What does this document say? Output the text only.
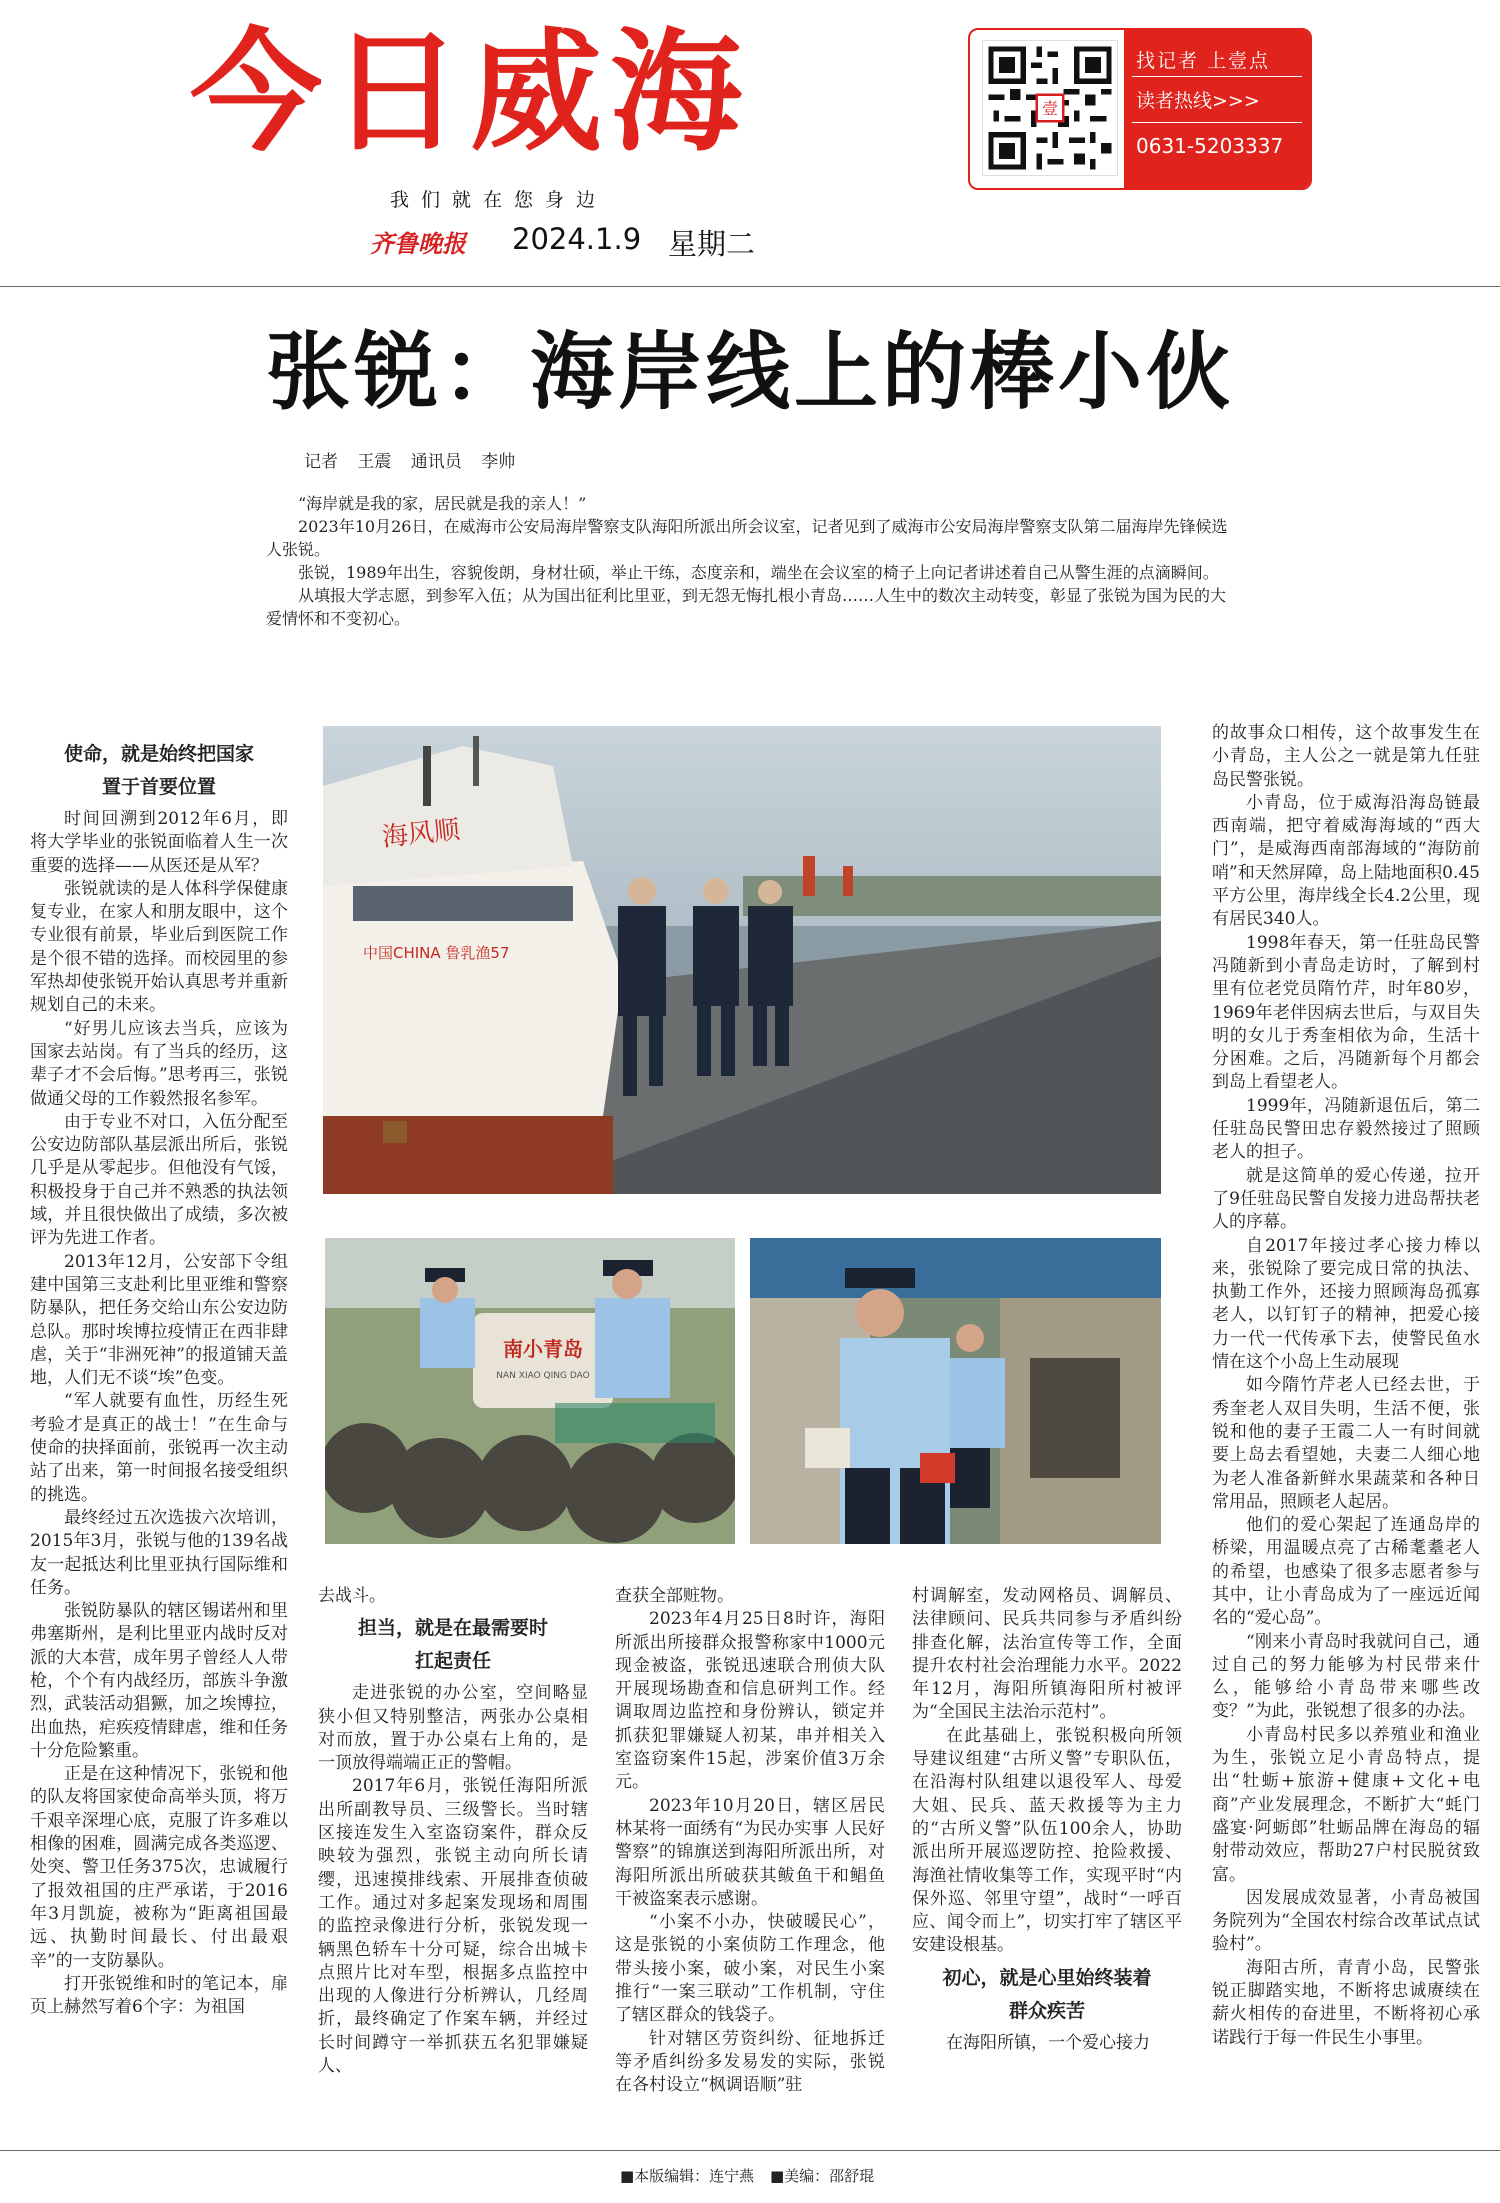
今日威海
我们就在您身边
齐鲁晚报 2024.1.9 星期二
壹
找记者 上壹点
读者热线>>>
0631-5203337
张锐：海岸线上的棒小伙
记者 王震 通讯员 李帅

“海岸就是我的家，居民就是我的亲人！”

2023年10月26日，在威海市公安局海岸警察支队海阳所派出所会议室，记者见到了威海市公安局海岸警察支队第二届海岸先锋候选人张锐。

张锐，1989年出生，容貌俊朗，身材壮硕，举止干练，态度亲和，端坐在会议室的椅子上向记者讲述着自己从警生涯的点滴瞬间。

从填报大学志愿，到参军入伍；从为国出征利比里亚，到无怨无悔扎根小青岛……人生中的数次主动转变，彰显了张锐为国为民的大爱情怀和不变初心。

使命，就是始终把国家
置于首要位置

时间回溯到2012年6月，即将大学毕业的张锐面临着人生一次重要的选择——从医还是从军？

张锐就读的是人体科学保健康复专业，在家人和朋友眼中，这个专业很有前景，毕业后到医院工作是个很不错的选择。而校园里的参军热却使张锐开始认真思考并重新规划自己的未来。

“好男儿应该去当兵，应该为国家去站岗。有了当兵的经历，这辈子才不会后悔。”思考再三，张锐做通父母的工作毅然报名参军。

由于专业不对口，入伍分配至公安边防部队基层派出所后，张锐几乎是从零起步。但他没有气馁，积极投身于自己并不熟悉的执法领域，并且很快做出了成绩，多次被评为先进工作者。

2013年12月，公安部下令组建中国第三支赴利比里亚维和警察防暴队，把任务交给山东公安边防总队。那时埃博拉疫情正在西非肆虐，关于“非洲死神”的报道铺天盖地，人们无不谈“埃”色变。

“军人就要有血性，历经生死考验才是真正的战士！”在生命与使命的抉择面前，张锐再一次主动站了出来，第一时间报名接受组织的挑选。

最终经过五次选拔六次培训，2015年3月，张锐与他的139名战友一起抵达利比里亚执行国际维和任务。

张锐防暴队的辖区锡诺州和里弗塞斯州，是利比里亚内战时反对派的大本营，成年男子曾经人人带枪，个个有内战经历，部族斗争激烈，武装活动猖獗，加之埃博拉，出血热，疟疾疫情肆虐，维和任务十分危险繁重。

正是在这种情况下，张锐和他的队友将国家使命高举头顶，将万千艰辛深埋心底，克服了许多难以相像的困难，圆满完成各类巡逻、处突、警卫任务375次，忠诚履行了报效祖国的庄严承诺，于2016年3月凯旋，被称为“距离祖国最远、执勤时间最长、付出最艰辛”的一支防暴队。

打开张锐维和时的笔记本，扉页上赫然写着6个字：为祖国

海风顺
中国CHINA 鲁乳渔57
南小青岛
NAN XIAO QING DAO

去战斗。

担当，就是在最需要时
扛起责任

走进张锐的办公室，空间略显狭小但又特别整洁，两张办公桌相对而放，置于办公桌右上角的，是一顶放得端端正正的警帽。

2017年6月，张锐任海阳所派出所副教导员、三级警长。当时辖区接连发生入室盗窃案件，群众反映较为强烈，张锐主动向所长请缨，迅速摸排线索、开展排查侦破工作。通过对多起案发现场和周围的监控录像进行分析，张锐发现一辆黑色轿车十分可疑，综合出城卡点照片比对车型，根据多点监控中出现的人像进行分析辨认，几经周折，最终确定了作案车辆，并经过长时间蹲守一举抓获五名犯罪嫌疑人、

查获全部赃物。

2023年4月25日8时许，海阳所派出所接群众报警称家中1000元现金被盗，张锐迅速联合刑侦大队开展现场勘查和信息研判工作。经调取周边监控和身份辨认，锁定并抓获犯罪嫌疑人初某，串并相关入室盗窃案件15起，涉案价值3万余元。

2023年10月20日，辖区居民林某将一面绣有“为民办实事 人民好警察”的锦旗送到海阳所派出所，对海阳所派出所破获其鲅鱼干和鲳鱼干被盗案表示感谢。

“小案不小办，快破暖民心”，这是张锐的小案侦防工作理念，他带头接小案，破小案，对民生小案推行“一案三联动”工作机制，守住了辖区群众的钱袋子。

针对辖区劳资纠纷、征地拆迁等矛盾纠纷多发易发的实际，张锐在各村设立“枫调语顺”驻

村调解室，发动网格员、调解员、法律顾问、民兵共同参与矛盾纠纷排查化解，法治宣传等工作，全面提升农村社会治理能力水平。2022年12月，海阳所镇海阳所村被评为“全国民主法治示范村”。

在此基础上，张锐积极向所领导建议组建“古所义警”专职队伍，在沿海村队组建以退役军人、母爱大姐、民兵、蓝天救援等为主力的“古所义警”队伍100余人，协助派出所开展巡逻防控、抢险救援、海渔社情收集等工作，实现平时“内保外巡、邻里守望”，战时“一呼百应、闻令而上”，切实打牢了辖区平安建设根基。

初心，就是心里始终装着
群众疾苦

在海阳所镇，一个爱心接力

的故事众口相传，这个故事发生在小青岛，主人公之一就是第九任驻岛民警张锐。

小青岛，位于威海沿海岛链最西南端，把守着威海海域的“西大门”，是威海西南部海域的“海防前哨”和天然屏障，岛上陆地面积0.45平方公里，海岸线全长4.2公里，现有居民340人。

1998年春天，第一任驻岛民警冯随新到小青岛走访时，了解到村里有位老党员隋竹芹，时年80岁，1969年老伴因病去世后，与双目失明的女儿于秀奎相依为命，生活十分困难。之后，冯随新每个月都会到岛上看望老人。

1999年，冯随新退伍后，第二任驻岛民警田忠存毅然接过了照顾老人的担子。

就是这简单的爱心传递，拉开了9任驻岛民警自发接力进岛帮扶老人的序幕。

自2017年接过孝心接力棒以来，张锐除了要完成日常的执法、执勤工作外，还接力照顾海岛孤寡老人，以钉钉子的精神，把爱心接力一代一代传承下去，使警民鱼水情在这个小岛上生动展现

如今隋竹芹老人已经去世，于秀奎老人双目失明，生活不便，张锐和他的妻子王霞二人一有时间就要上岛去看望她，夫妻二人细心地为老人准备新鲜水果蔬菜和各种日常用品，照顾老人起居。

他们的爱心架起了连通岛岸的桥梁，用温暖点亮了古稀耄耋老人的希望，也感染了很多志愿者参与其中，让小青岛成为了一座远近闻名的“爱心岛”。

“刚来小青岛时我就问自己，通过自己的努力能够为村民带来什么，能够给小青岛带来哪些改变？”为此，张锐想了很多的办法。

小青岛村民多以养殖业和渔业为生，张锐立足小青岛特点，提出“牡蛎+旅游+健康+文化+电商”产业发展理念，不断扩大“蚝门盛宴·阿蛎郎”牡蛎品牌在海岛的辐射带动效应，帮助27户村民脱贫致富。

因发展成效显著，小青岛被国务院列为“全国农村综合改革试点试验村”。

海阳古所，青青小岛，民警张锐正脚踏实地，不断将忠诚赓续在薪火相传的奋进里，不断将初心承诺践行于每一件民生小事里。

■本版编辑：连宁燕 ■美编：邵舒琨
